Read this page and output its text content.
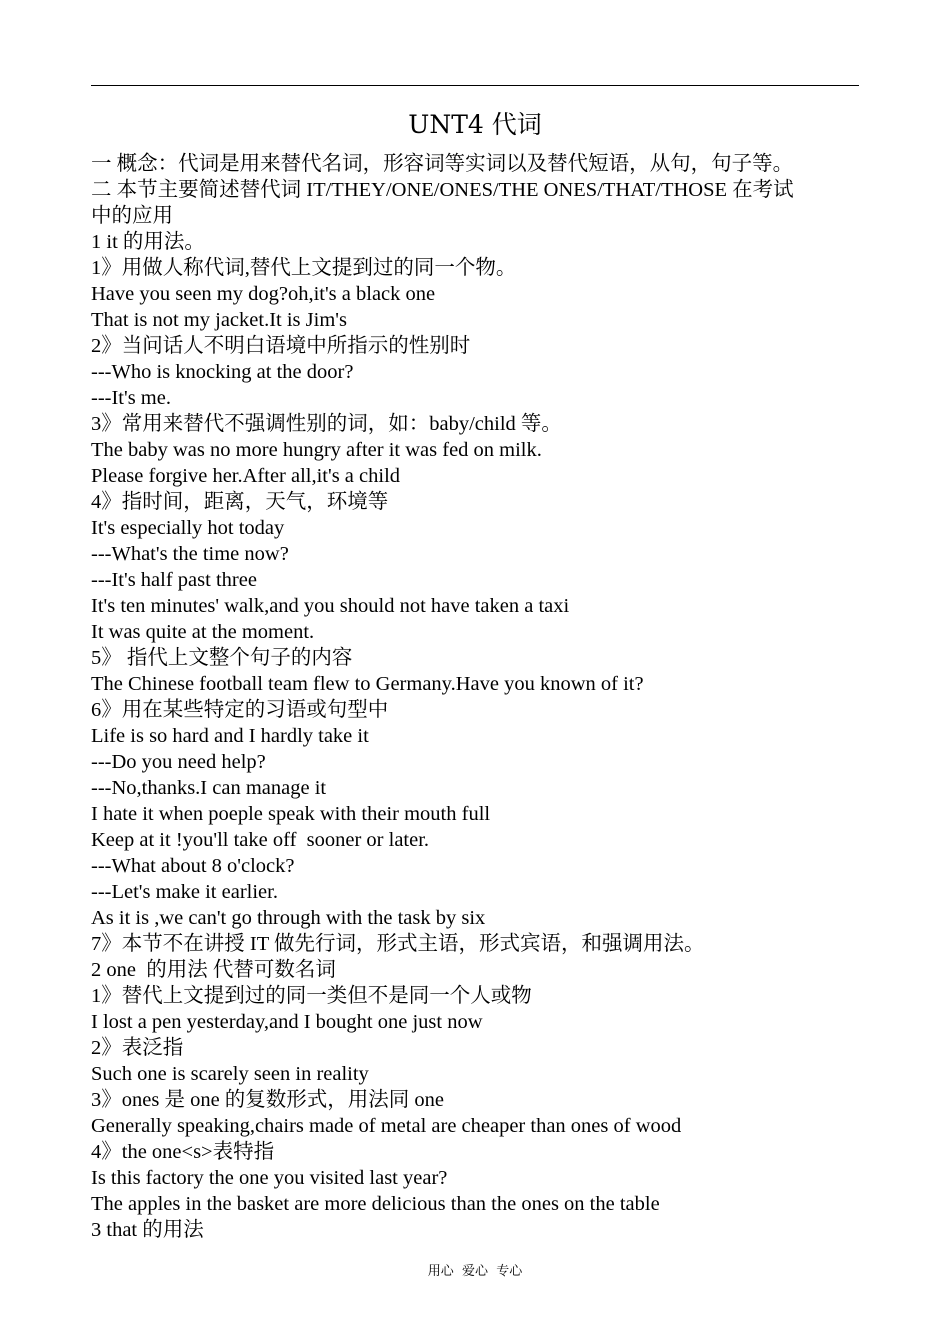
UNT4 代词
一 概念：代词是用来替代名词，形容词等实词以及替代短语，从句，句子等。
二 本节主要简述替代词 IT/THEY/ONE/ONES/THE ONES/THAT/THOSE 在考试
中的应用
1 it 的用法。
1》用做人称代词,替代上文提到过的同一个物。
Have you seen my dog?oh,it's a black one
That is not my jacket.It is Jim's
2》当问话人不明白语境中所指示的性别时
---Who is knocking at the door?
---It's me.
3》常用来替代不强调性别的词，如：baby/child 等。
The baby was no more hungry after it was fed on milk.
Please forgive her.After all,it's a child
4》指时间，距离，天气，环境等
It's especially hot today
---What's the time now?
---It's half past three
It's ten minutes' walk,and you should not have taken a taxi
It was quite at the moment.
5》 指代上文整个句子的内容
The Chinese football team flew to Germany.Have you known of it?
6》用在某些特定的习语或句型中
Life is so hard and I hardly take it
---Do you need help?
---No,thanks.I can manage it
I hate it when poeple speak with their mouth full
Keep at it !you'll take off  sooner or later.
---What about 8 o'clock?
---Let's make it earlier.
As it is ,we can't go through with the task by six
7》本节不在讲授 IT 做先行词，形式主语，形式宾语，和强调用法。
2 one  的用法 代替可数名词
1》替代上文提到过的同一类但不是同一个人或物
I lost a pen yesterday,and I bought one just now
2》表泛指
Such one is scarely seen in reality
3》ones 是 one 的复数形式，用法同 one
Generally speaking,chairs made of metal are cheaper than ones of wood
4》the one<s>表特指
Is this factory the one you visited last year?
The apples in the basket are more delicious than the ones on the table
3 that 的用法
用心  爱心  专心
